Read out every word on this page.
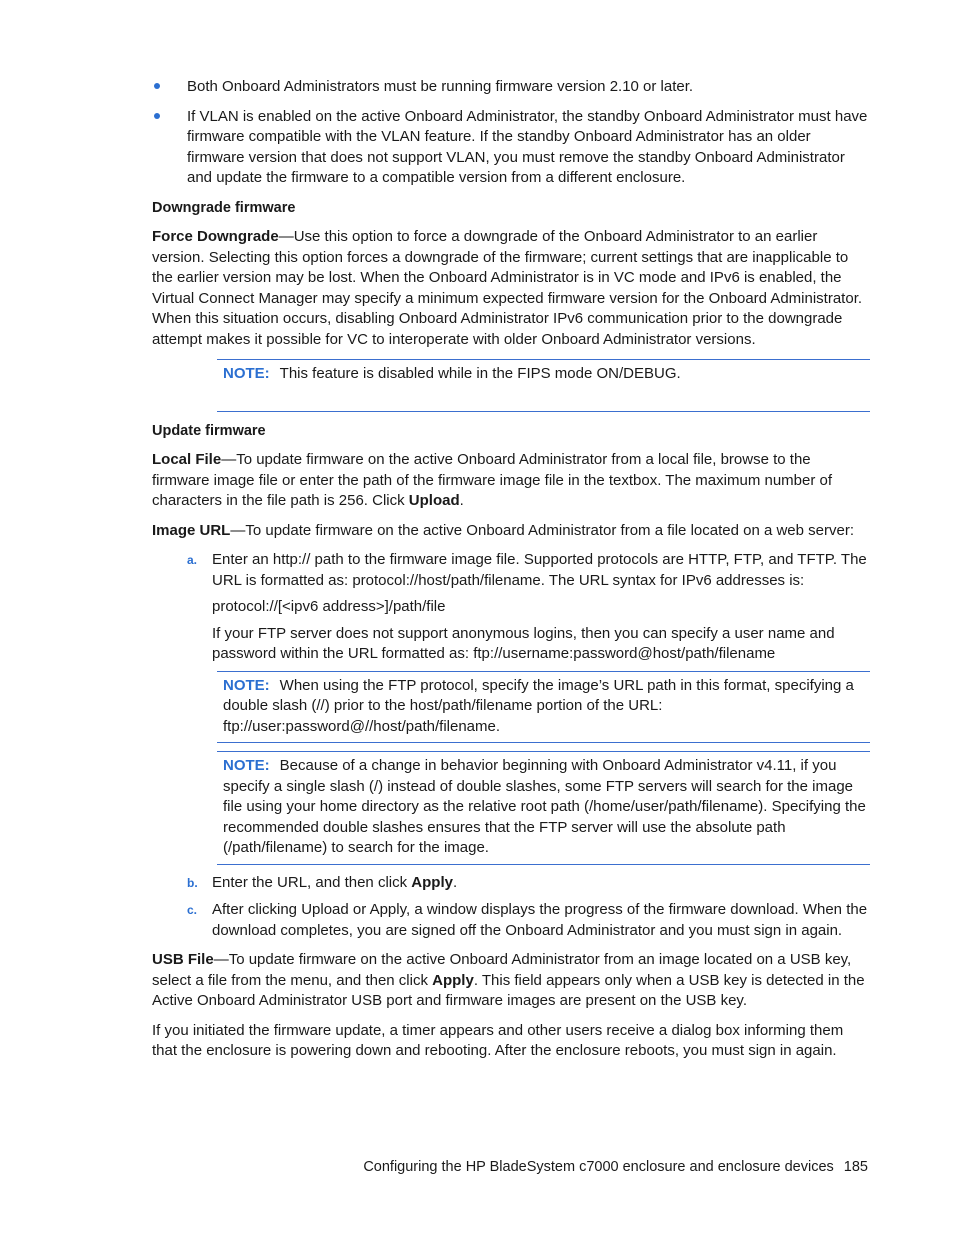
Both Onboard Administrators must be running firmware version 2.10 or later.
If VLAN is enabled on the active Onboard Administrator, the standby Onboard Administrator must have firmware compatible with the VLAN feature. If the standby Onboard Administrator has an older firmware version that does not support VLAN, you must remove the standby Onboard Administrator and update the firmware to a compatible version from a different enclosure.
Downgrade firmware

Force Downgrade—Use this option to force a downgrade of the Onboard Administrator to an earlier version. Selecting this option forces a downgrade of the firmware; current settings that are inapplicable to the earlier version may be lost. When the Onboard Administrator is in VC mode and IPv6 is enabled, the Virtual Connect Manager may specify a minimum expected firmware version for the Onboard Administrator. When this situation occurs, disabling Onboard Administrator IPv6 communication prior to the downgrade attempt makes it possible for VC to interoperate with older Onboard Administrator versions.

NOTE: This feature is disabled while in the FIPS mode ON/DEBUG.
Update firmware

Local File—To update firmware on the active Onboard Administrator from a local file, browse to the firmware image file or enter the path of the firmware image file in the textbox. The maximum number of characters in the file path is 256. Click Upload.

Image URL—To update firmware on the active Onboard Administrator from a file located on a web server:

a. Enter an http:// path to the firmware image file. Supported protocols are HTTP, FTP, and TFTP. The URL is formatted as: protocol://host/path/filename. The URL syntax for IPv6 addresses is:

protocol://[<ipv6 address>]/path/file

If your FTP server does not support anonymous logins, then you can specify a user name and password within the URL formatted as: ftp://username:password@host/path/filename

NOTE: When using the FTP protocol, specify the image’s URL path in this format, specifying a double slash (//) prior to the host/path/filename portion of the URL: ftp://user:password@//host/path/filename.
NOTE: Because of a change in behavior beginning with Onboard Administrator v4.11, if you specify a single slash (/) instead of double slashes, some FTP servers will search for the image file using your home directory as the relative root path (/home/user/path/filename). Specifying the recommended double slashes ensures that the FTP server will use the absolute path (/path/filename) to search for the image.
b. Enter the URL, and then click Apply.
c. After clicking Upload or Apply, a window displays the progress of the firmware download. When the download completes, you are signed off the Onboard Administrator and you must sign in again.

USB File—To update firmware on the active Onboard Administrator from an image located on a USB key, select a file from the menu, and then click Apply. This field appears only when a USB key is detected in the Active Onboard Administrator USB port and firmware images are present on the USB key.

If you initiated the firmware update, a timer appears and other users receive a dialog box informing them that the enclosure is powering down and rebooting. After the enclosure reboots, you must sign in again.

Configuring the HP BladeSystem c7000 enclosure and enclosure devices 185
